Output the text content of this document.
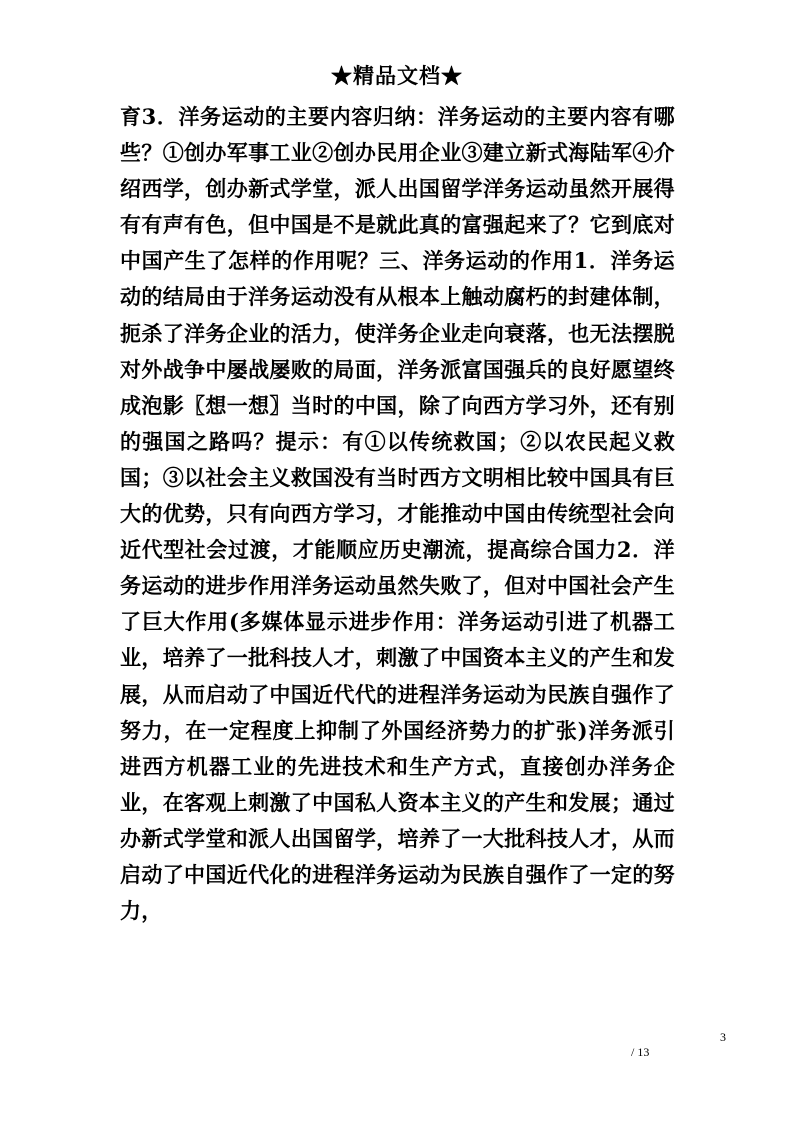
★精品文档★

育3．洋务运动的主要内容归纳：洋务运动的主要内容有哪些？①创办军事工业②创办民用企业③建立新式海陆军④介绍西学，创办新式学堂，派人出国留学洋务运动虽然开展得有有声有色，但中国是不是就此真的富强起来了？它到底对中国产生了怎样的作用呢？三、洋务运动的作用1．洋务运动的结局由于洋务运动没有从根本上触动腐朽的封建体制，扼杀了洋务企业的活力，使洋务企业走向衰落，也无法摆脱对外战争中屡战屡败的局面，洋务派富国强兵的良好愿望终成泡影〖想一想〗当时的中国，除了向西方学习外，还有别的强国之路吗？提示：有①以传统救国；②以农民起义救国；③以社会主义救国没有当时西方文明相比较中国具有巨大的优势，只有向西方学习，才能推动中国由传统型社会向近代型社会过渡，才能顺应历史潮流，提高综合国力2．洋务运动的进步作用洋务运动虽然失败了，但对中国社会产生了巨大作用(多媒体显示进步作用：洋务运动引进了机器工业，培养了一批科技人才，刺激了中国资本主义的产生和发展，从而启动了中国近代代的进程洋务运动为民族自强作了努力，在一定程度上抑制了外国经济势力的扩张)洋务派引进西方机器工业的先进技术和生产方式，直接创办洋务企业，在客观上刺激了中国私人资本主义的产生和发展；通过办新式学堂和派人出国留学，培养了一大批科技人才，从而启动了中国近代化的进程洋务运动为民族自强作了一定的努力，

3
/ 13
